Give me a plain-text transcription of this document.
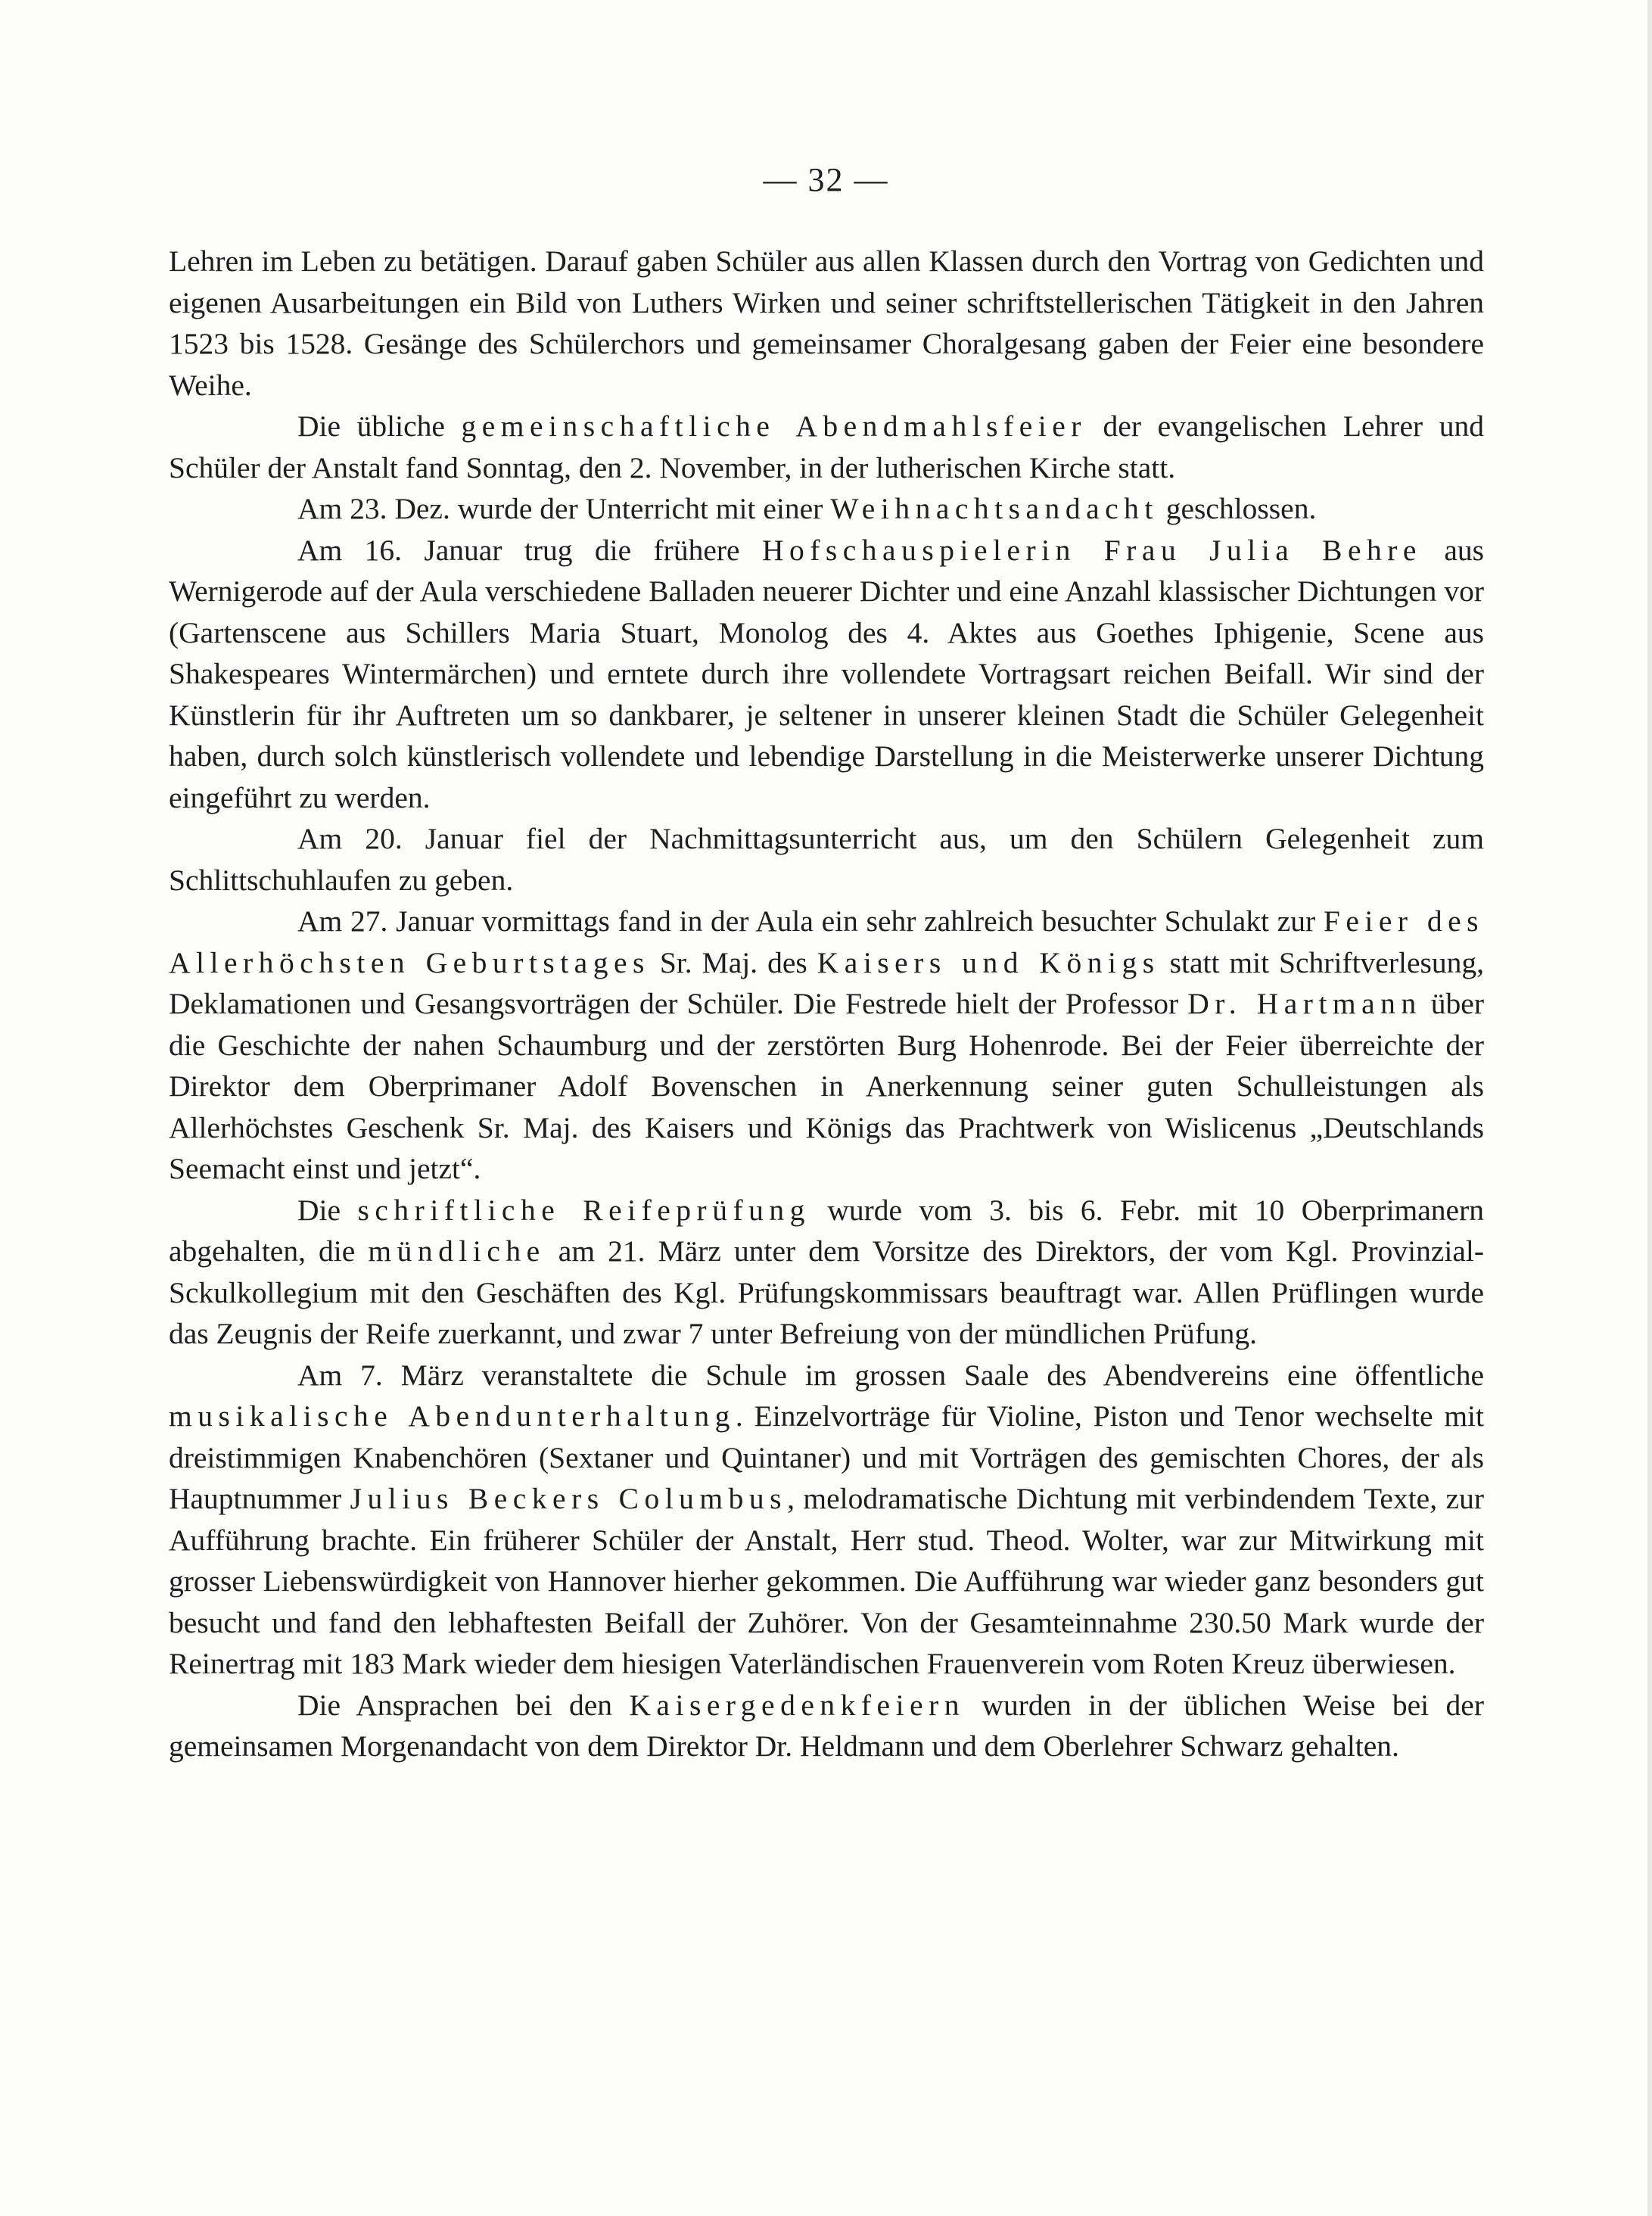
— 32 —

Lehren im Leben zu betätigen. Darauf gaben Schüler aus allen Klassen durch den Vortrag von Gedichten und eigenen Ausarbeitungen ein Bild von Luthers Wirken und seiner schriftstellerischen Tätigkeit in den Jahren 1523 bis 1528. Gesänge des Schülerchors und gemeinsamer Choralgesang gaben der Feier eine besondere Weihe.

Die übliche gemeinschaftliche Abendmahlsfeier der evangelischen Lehrer und Schüler der Anstalt fand Sonntag, den 2. November, in der lutherischen Kirche statt.

Am 23. Dez. wurde der Unterricht mit einer Weihnachtsandacht geschlossen.

Am 16. Januar trug die frühere Hofschauspielerin Frau Julia Behre aus Wernigerode auf der Aula verschiedene Balladen neuerer Dichter und eine Anzahl klassischer Dichtungen vor (Gartenscene aus Schillers Maria Stuart, Monolog des 4. Aktes aus Goethes Iphigenie, Scene aus Shakespeares Wintermärchen) und erntete durch ihre vollendete Vortragsart reichen Beifall. Wir sind der Künstlerin für ihr Auftreten um so dankbarer, je seltener in unserer kleinen Stadt die Schüler Gelegenheit haben, durch solch künstlerisch vollendete und lebendige Darstellung in die Meisterwerke unserer Dichtung eingeführt zu werden.

Am 20. Januar fiel der Nachmittagsunterricht aus, um den Schülern Gelegenheit zum Schlittschuhlaufen zu geben.

Am 27. Januar vormittags fand in der Aula ein sehr zahlreich besuchter Schulakt zur Feier des Allerhöchsten Geburtstages Sr. Maj. des Kaisers und Königs statt mit Schriftverlesung, Deklamationen und Gesangsvorträgen der Schüler. Die Festrede hielt der Professor Dr. Hartmann über die Geschichte der nahen Schaumburg und der zerstörten Burg Hohenrode. Bei der Feier überreichte der Direktor dem Oberprimaner Adolf Bovenschen in Anerkennung seiner guten Schulleistungen als Allerhöchstes Geschenk Sr. Maj. des Kaisers und Königs das Prachtwerk von Wislicenus „Deutschlands Seemacht einst und jetzt“.

Die schriftliche Reifeprüfung wurde vom 3. bis 6. Febr. mit 10 Oberprimanern abgehalten, die mündliche am 21. März unter dem Vorsitze des Direktors, der vom Kgl. Provinzial-Sckulkollegium mit den Geschäften des Kgl. Prüfungskommissars beauftragt war. Allen Prüflingen wurde das Zeugnis der Reife zuerkannt, und zwar 7 unter Befreiung von der mündlichen Prüfung.

Am 7. März veranstaltete die Schule im grossen Saale des Abendvereins eine öffentliche musikalische Abendunterhaltung. Einzelvorträge für Violine, Piston und Tenor wechselte mit dreistimmigen Knabenchören (Sextaner und Quintaner) und mit Vorträgen des gemischten Chores, der als Hauptnummer Julius Beckers Columbus, melodramatische Dichtung mit verbindendem Texte, zur Aufführung brachte. Ein früherer Schüler der Anstalt, Herr stud. Theod. Wolter, war zur Mitwirkung mit grosser Liebenswürdigkeit von Hannover hierher gekommen. Die Aufführung war wieder ganz besonders gut besucht und fand den lebhaftesten Beifall der Zuhörer. Von der Gesamteinnahme 230.50 Mark wurde der Reinertrag mit 183 Mark wieder dem hiesigen Vaterländischen Frauenverein vom Roten Kreuz überwiesen.

Die Ansprachen bei den Kaisergedenkfeiern wurden in der üblichen Weise bei der gemeinsamen Morgenandacht von dem Direktor Dr. Heldmann und dem Oberlehrer Schwarz gehalten.
